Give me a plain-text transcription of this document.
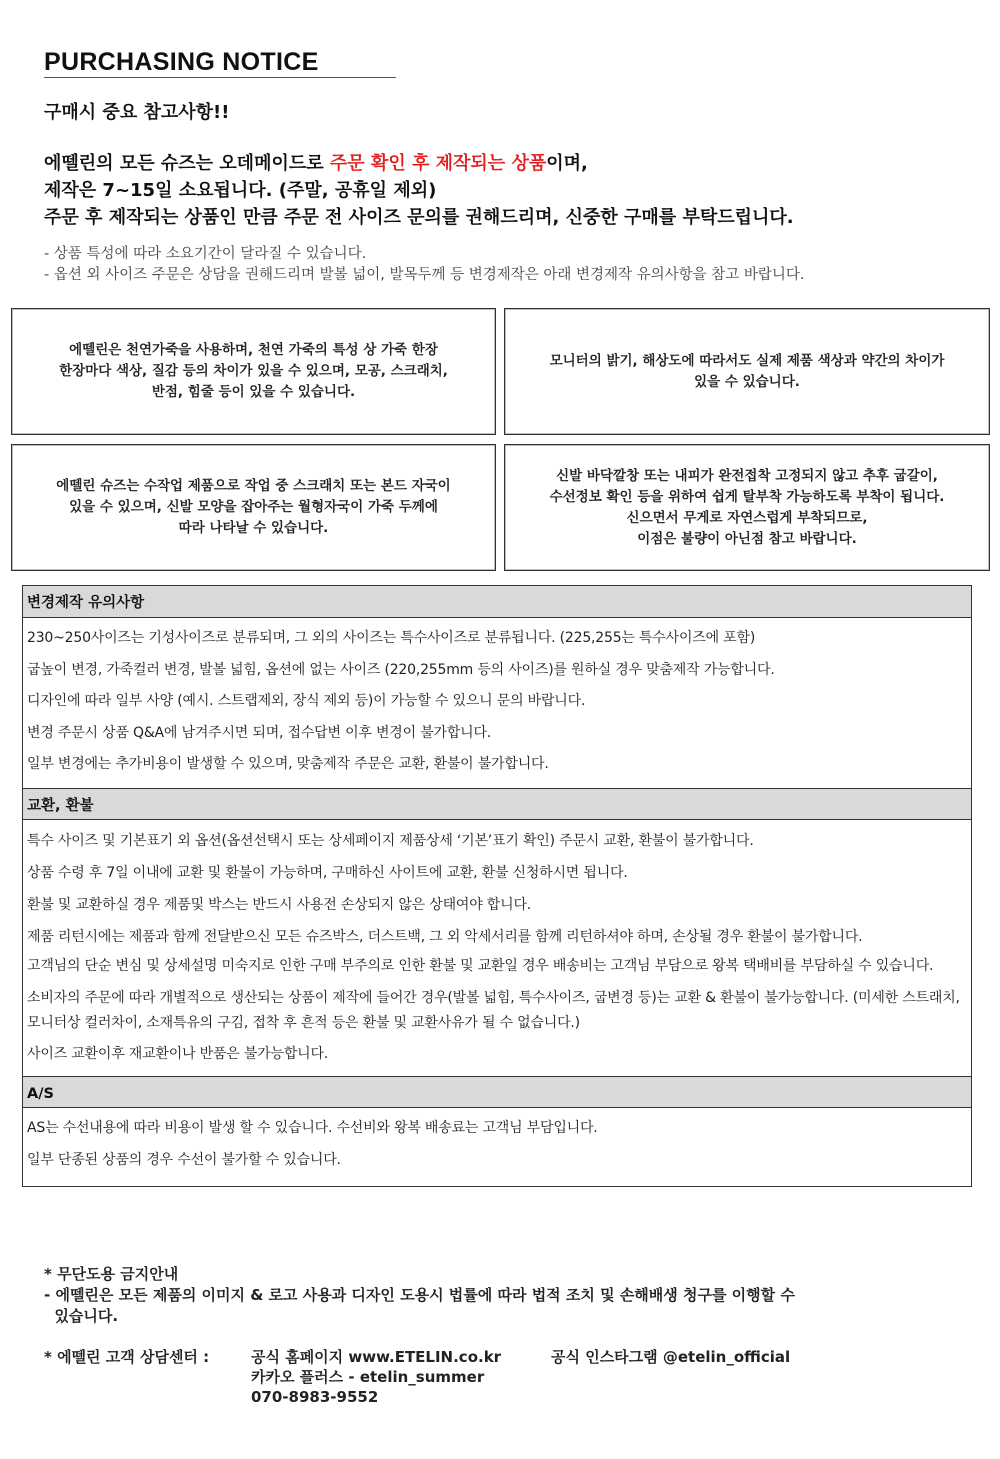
PURCHASING NOTICE
구매시 중요 참고사항!!
에뗄린의 모든 슈즈는 오데메이드로 주문 확인 후 제작되는 상품이며,
제작은 7~15일 소요됩니다. (주말, 공휴일 제외)
주문 후 제작되는 상품인 만큼 주문 전 사이즈 문의를 권해드리며, 신중한 구매를 부탁드립니다.
- 상품 특성에 따라 소요기간이 달라질 수 있습니다.
- 옵션 외 사이즈 주문은 상담을 권해드리며 발볼 넓이, 발목두께 등 변경제작은 아래 변경제작 유의사항을 참고 바랍니다.
에뗄린은 천연가죽을 사용하며, 천연 가죽의 특성 상 가죽 한장
한장마다 색상, 질감 등의 차이가 있을 수 있으며, 모공, 스크래치,
반점, 힘줄 등이 있을 수 있습니다.
모니터의 밝기, 해상도에 따라서도 실제 제품 색상과 약간의 차이가
있을 수 있습니다.
에뗄린 슈즈는 수작업 제품으로 작업 중 스크래치 또는 본드 자국이
있을 수 있으며, 신발 모양을 잡아주는 월형자국이 가죽 두께에
따라 나타날 수 있습니다.
신발 바닥깔창 또는 내피가 완전접착 고정되지 않고 추후 굽갈이,
수선정보 확인 등을 위하여 쉽게 탈부착 가능하도록 부착이 됩니다.
신으면서 무게로 자연스럽게 부착되므로,
이점은 불량이 아닌점 참고 바랍니다.
변경제작 유의사항
230~250사이즈는 기성사이즈로 분류되며, 그 외의 사이즈는 특수사이즈로 분류됩니다. (225,255는 특수사이즈에 포함)
굽높이 변경, 가죽컬러 변경, 발볼 넓힘, 옵션에 없는 사이즈 (220,255mm 등의 사이즈)를 원하실 경우 맞춤제작 가능합니다.
디자인에 따라 일부 사양 (예시. 스트랩제외, 장식 제외 등)이 가능할 수 있으니 문의 바랍니다.
변경 주문시 상품 Q&A에 남겨주시면 되며, 접수답변 이후 변경이 불가합니다.
일부 변경에는 추가비용이 발생할 수 있으며, 맞춤제작 주문은 교환, 환불이 불가합니다.
교환, 환불
특수 사이즈 및 기본표기 외 옵션(옵션선택시 또는 상세페이지 제품상세 ‘기본’표기 확인) 주문시 교환, 환불이 불가합니다.
상품 수령 후 7일 이내에 교환 및 환불이 가능하며, 구매하신 사이트에 교환, 환불 신청하시면 됩니다.
환불 및 교환하실 경우 제품및 박스는 반드시 사용전 손상되지 않은 상태여야 합니다.
제품 리턴시에는 제품과 함께 전달받으신 모든 슈즈박스, 더스트백, 그 외 악세서리를 함께 리턴하셔야 하며, 손상될 경우 환불이 불가합니다.
고객님의 단순 변심 및 상세설명 미숙지로 인한 구매 부주의로 인한 환불 및 교환일 경우 배송비는 고객님 부담으로 왕복 택배비를 부담하실 수 있습니다.
소비자의 주문에 따라 개별적으로 생산되는 상품이 제작에 들어간 경우(발볼 넓힘, 특수사이즈, 굽변경 등)는 교환 & 환불이 불가능합니다. (미세한 스트래치, 모니터상 컬러차이, 소재특유의 구김, 접착 후 흔적 등은 환불 및 교환사유가 될 수 없습니다.)
사이즈 교환이후 재교환이나 반품은 불가능합니다.
A/S
AS는 수선내용에 따라 비용이 발생 할 수 있습니다. 수선비와 왕복 배송료는 고객님 부담입니다.
일부 단종된 상품의 경우 수선이 불가할 수 있습니다.
* 무단도용 금지안내
- 에뗄린은 모든 제품의 이미지 & 로고 사용과 디자인 도용시 법률에 따라 법적 조치 및 손해배생 청구를 이행할 수
있습니다.
* 에뗄린 고객 상담센터 :	공식 홈페이지 www.ETELIN.co.kr	공식 인스타그램 @etelin_official
카카오 플러스 - etelin_summer
070-8983-9552
